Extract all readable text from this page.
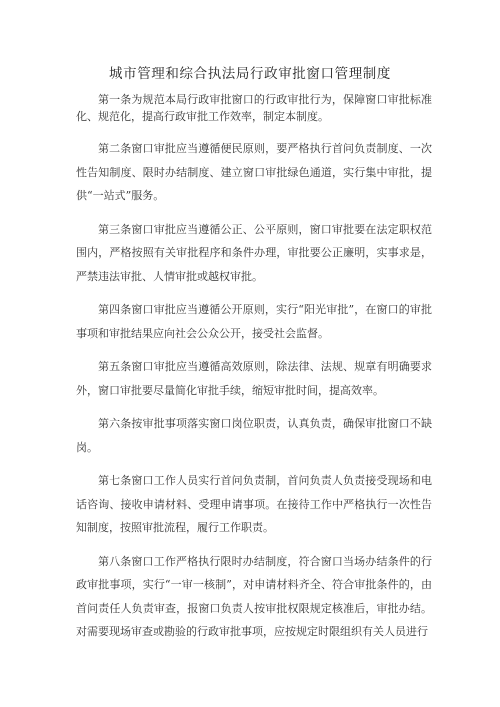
城市管理和综合执法局行政审批窗口管理制度

第一条为规范本局行政审批窗口的行政审批行为，保障窗口审批标准化、规范化，提高行政审批工作效率，制定本制度。

第二条窗口审批应当遵循便民原则，要严格执行首问负责制度、一次性告知制度、限时办结制度、建立窗口审批绿色通道，实行集中审批，提供“一站式”服务。

第三条窗口审批应当遵循公正、公平原则，窗口审批要在法定职权范围内，严格按照有关审批程序和条件办理，审批要公正廉明，实事求是，严禁违法审批、人情审批或越权审批。

第四条窗口审批应当遵循公开原则，实行“阳光审批”，在窗口的审批事项和审批结果应向社会公众公开，接受社会监督。

第五条窗口审批应当遵循高效原则，除法律、法规、规章有明确要求外，窗口审批要尽量简化审批手续，缩短审批时间，提高效率。

第六条按审批事项落实窗口岗位职责，认真负责，确保审批窗口不缺岗。

第七条窗口工作人员实行首问负责制，首问负责人负责接受现场和电话咨询、接收申请材料、受理申请事项。在接待工作中严格执行一次性告知制度，按照审批流程，履行工作职责。

第八条窗口工作严格执行限时办结制度，符合窗口当场办结条件的行政审批事项，实行“一审一核制”，对申请材料齐全、符合审批条件的，由首问责任人负责审查，报窗口负责人按审批权限规定核准后，审批办结。对需要现场审查或勘验的行政审批事项，应按规定时限组织有关人员进行
